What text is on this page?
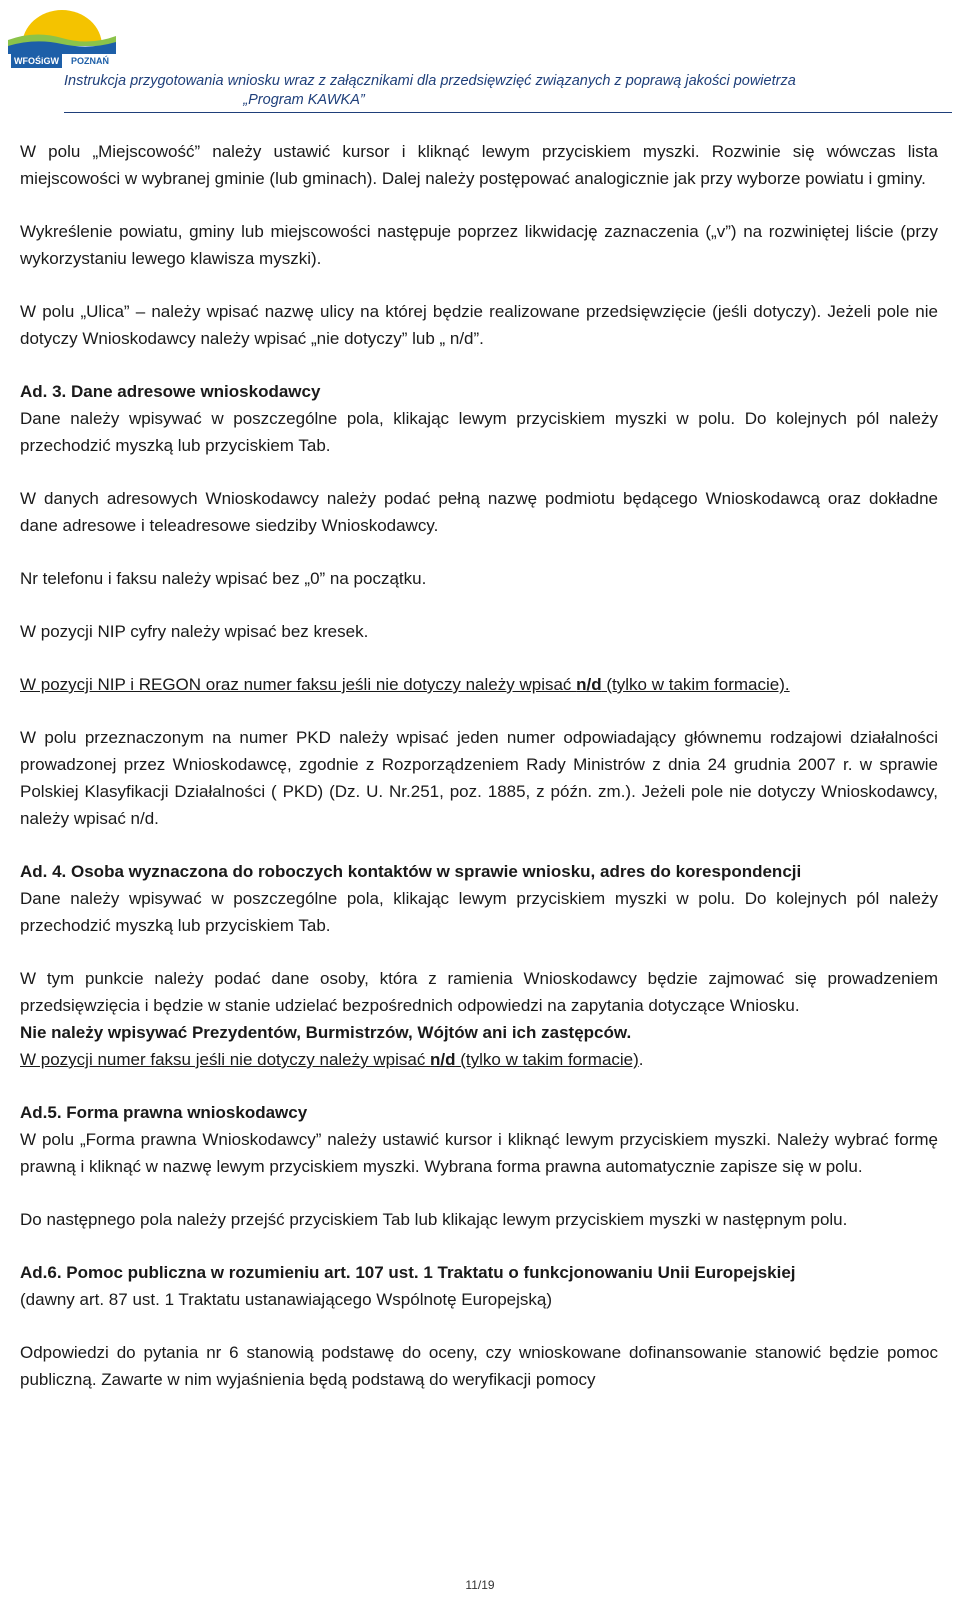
WFOŚiGW	POZNAŃ
Instrukcja przygotowania wniosku wraz z załącznikami dla przedsięwzięć związanych z poprawą jakości powietrza
„Program KAWKA”

W polu „Miejscowość” należy ustawić kursor i kliknąć lewym przyciskiem myszki. Rozwinie się wówczas lista miejscowości w wybranej gminie (lub gminach). Dalej należy postępować analogicznie jak przy wyborze powiatu i gminy.

Wykreślenie powiatu, gminy lub miejscowości następuje poprzez likwidację zaznaczenia („v”) na rozwiniętej liście (przy wykorzystaniu lewego klawisza myszki).

W polu „Ulica” – należy wpisać nazwę ulicy na której będzie realizowane przedsięwzięcie (jeśli dotyczy). Jeżeli pole nie dotyczy Wnioskodawcy należy wpisać „nie dotyczy” lub „ n/d”.

Ad. 3. Dane adresowe wnioskodawcy

Dane należy wpisywać w poszczególne pola, klikając lewym przyciskiem myszki w polu. Do kolejnych pól należy przechodzić myszką lub przyciskiem Tab.

W danych adresowych Wnioskodawcy należy podać pełną nazwę podmiotu będącego Wnioskodawcą oraz dokładne dane adresowe i teleadresowe siedziby Wnioskodawcy.

Nr telefonu i faksu należy wpisać bez „0” na początku.

W pozycji NIP cyfry należy wpisać bez kresek.

W pozycji NIP i REGON oraz numer faksu jeśli nie dotyczy należy wpisać n/d (tylko w takim formacie).

W polu przeznaczonym na numer PKD należy wpisać jeden numer odpowiadający głównemu rodzajowi działalności prowadzonej przez Wnioskodawcę, zgodnie z Rozporządzeniem Rady Ministrów z dnia 24 grudnia 2007 r. w sprawie Polskiej Klasyfikacji Działalności ( PKD) (Dz. U. Nr.251, poz. 1885, z późn. zm.). Jeżeli pole nie dotyczy Wnioskodawcy, należy wpisać n/d.

Ad. 4. Osoba wyznaczona do roboczych kontaktów w sprawie wniosku, adres do korespondencji

Dane należy wpisywać w poszczególne pola, klikając lewym przyciskiem myszki w polu. Do kolejnych pól należy przechodzić myszką lub przyciskiem Tab.

W tym punkcie należy podać dane osoby, która z ramienia Wnioskodawcy będzie zajmować się prowadzeniem przedsięwzięcia i będzie w stanie udzielać bezpośrednich odpowiedzi na zapytania dotyczące Wniosku.

Nie należy wpisywać Prezydentów, Burmistrzów, Wójtów ani ich zastępców.

W pozycji numer faksu jeśli nie dotyczy należy wpisać n/d (tylko w takim formacie).

Ad.5. Forma prawna wnioskodawcy

W polu „Forma prawna Wnioskodawcy” należy ustawić kursor i kliknąć lewym przyciskiem myszki. Należy wybrać formę prawną i kliknąć w nazwę lewym przyciskiem myszki. Wybrana forma prawna automatycznie zapisze się w polu.

Do następnego pola należy przejść przyciskiem Tab lub klikając lewym przyciskiem myszki w następnym polu.

Ad.6. Pomoc publiczna w rozumieniu art. 107 ust. 1 Traktatu o funkcjonowaniu Unii Europejskiej

(dawny art. 87 ust. 1 Traktatu ustanawiającego Wspólnotę Europejską)

Odpowiedzi do pytania nr 6 stanowią podstawę do oceny, czy wnioskowane dofinansowanie stanowić będzie pomoc publiczną. Zawarte w nim wyjaśnienia będą podstawą do weryfikacji pomocy

11/19
